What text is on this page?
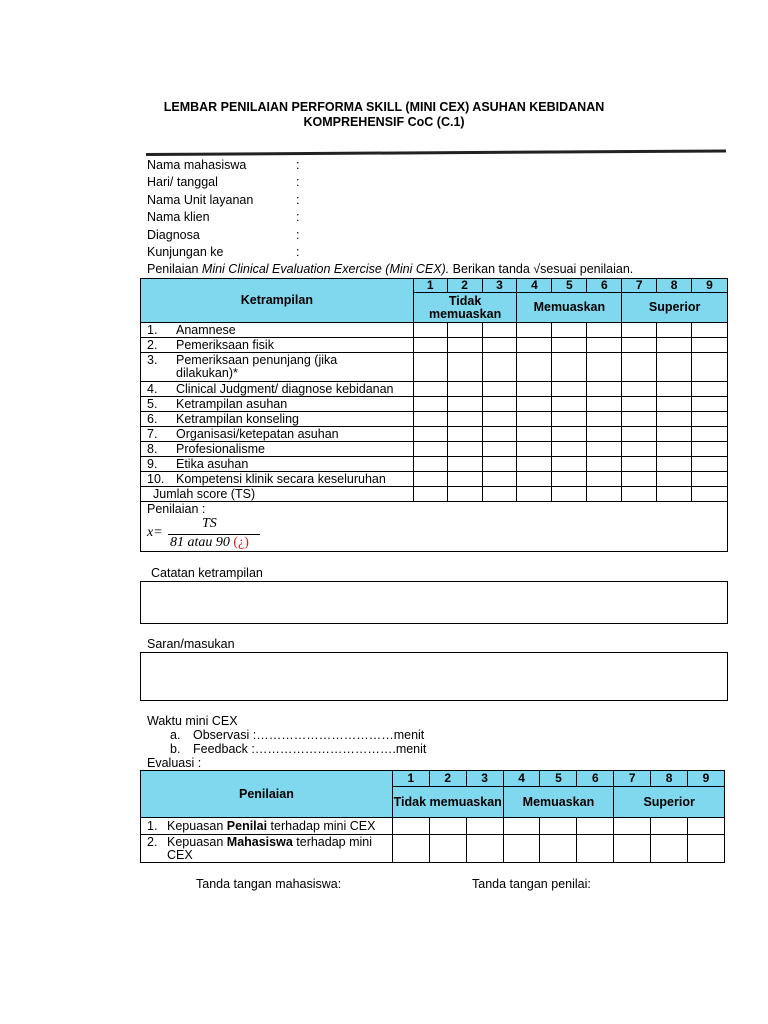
LEMBAR PENILAIAN PERFORMA SKILL (MINI CEX) ASUHAN KEBIDANAN
KOMPREHENSIF CoC (C.1)
Nama mahasiswa	:
Hari/ tanggal	:
Nama Unit layanan	:
Nama klien	:
Diagnosa	:
Kunjungan ke	:
Penilaian Mini Clinical Evaluation Exercise (Mini CEX). Berikan tanda √sesuai penilaian.
Ketrampilan	1	2	3	4	5	6	7	8	9
	Tidak memuaskan			Memuaskan			Superior		
1. Anamnese									
2. Pemeriksaan fisik									

3. Pemeriksaan penunjang (jika dilakukan)*									

4. Clinical Judgment/ diagnose kebidanan									
5. Ketrampilan asuhan									
6. Ketrampilan konseling									
7. Organisasi/ketepatan asuhan									
8. Profesionalisme									
9. Etika asuhan									
10. Kompetensi klinik secara keseluruhan									
Jumlah score (TS)									

Penilaian :
x=
TS
81 atau 90 (¿)									
Catatan ketrampilan
Saran/masukan
Waktu mini CEX
a. Observasi :……………………………menit
b. Feedback :…………………………….menit
Evaluasi :
Penilaian	1	2	3	4	5	6	7	8	9
	Tidak memuaskan			Memuaskan			Superior		
1. Kepuasan Penilai terhadap mini CEX									

2. Kepuasan Mahasiswa terhadap mini CEX									

Tanda tangan mahasiswa:	Tanda tangan penilai:
